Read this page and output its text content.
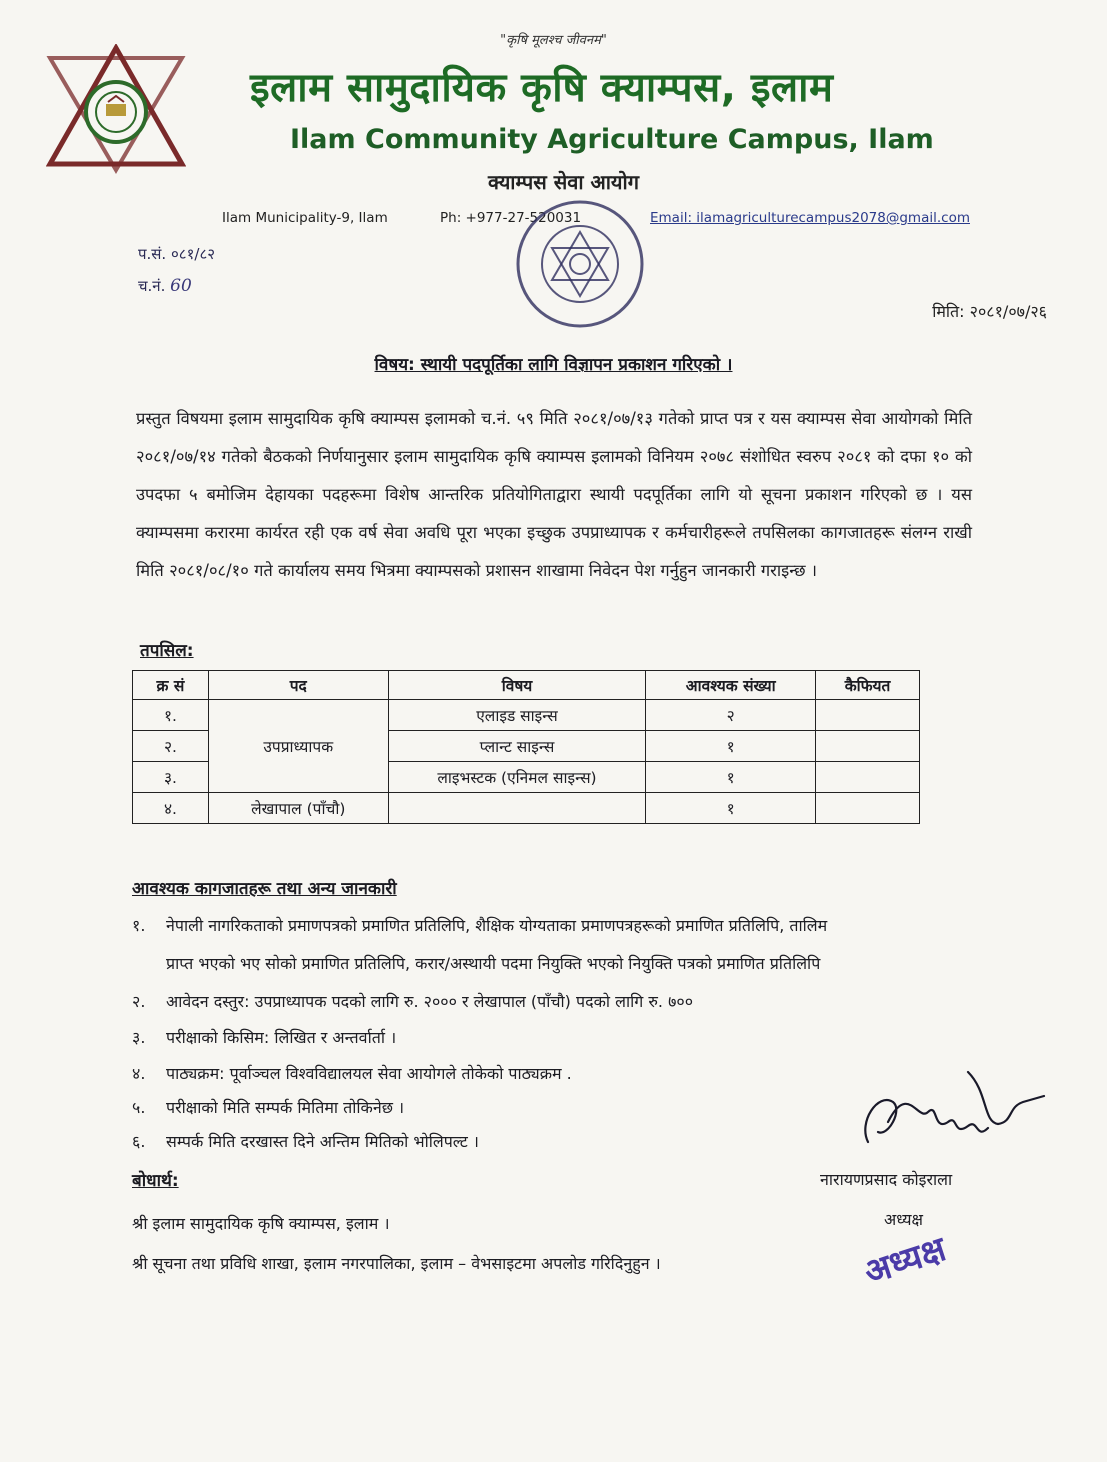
"कृषि मूलश्च जीवनम"
इलाम सामुदायिक कृषि क्याम्पस, इलाम
Ilam Community Agriculture Campus, Ilam
क्याम्पस सेवा आयोग
Ilam Municipality-9, Ilam	Ph: +977-27-520031	Email: ilamagriculturecampus2078@gmail.com
प.सं. ०८१/८२
च.नं. 60
मिति: २०८१/०७/२६
विषय: स्थायी पदपूर्तिका लागि विज्ञापन प्रकाशन गरिएको ।
प्रस्तुत विषयमा इलाम सामुदायिक कृषि क्याम्पस इलामको च.नं. ५९ मिति २०८१/०७/१३ गतेको प्राप्त पत्र र यस क्याम्पस सेवा आयोगको मिति २०८१/०७/१४ गतेको बैठकको निर्णयानुसार इलाम सामुदायिक कृषि क्याम्पस इलामको विनियम २०७८ संशोधित स्वरुप २०८१ को दफा १० को उपदफा ५ बमोजिम देहायका पदहरूमा विशेष आन्तरिक प्रतियोगिताद्वारा स्थायी पदपूर्तिका लागि यो सूचना प्रकाशन गरिएको छ । यस क्याम्पसमा करारमा कार्यरत रही एक वर्ष सेवा अवधि पूरा भएका इच्छुक उपप्राध्यापक र कर्मचारीहरूले तपसिलका कागजातहरू संलग्न राखी मिति २०८१/०८/१० गते कार्यालय समय भित्रमा क्याम्पसको प्रशासन शाखामा निवेदन पेश गर्नुहुन जानकारी गराइन्छ ।
तपसिल:
क्र सं	पद	विषय	आवश्यक संख्या	कैफियत
१.	उपप्राध्यापक	एलाइड साइन्स	२	
२.		प्लान्ट साइन्स	१	
३.		लाइभस्टक (एनिमल साइन्स)	१	
४.	लेखापाल (पाँचौ)		१	
आवश्यक कागजातहरू तथा अन्य जानकारी
१.	नेपाली नागरिकताको प्रमाणपत्रको प्रमाणित प्रतिलिपि, शैक्षिक योग्यताका प्रमाणपत्रहरूको प्रमाणित प्रतिलिपि, तालिम
प्राप्त भएको भए सोको प्रमाणित प्रतिलिपि, करार/अस्थायी पदमा नियुक्ति भएको नियुक्ति पत्रको प्रमाणित प्रतिलिपि
२.	आवेदन दस्तुर: उपप्राध्यापक पदको लागि रु. २००० र लेखापाल (पाँचौ) पदको लागि रु. ७००
३.	परीक्षाको किसिम: लिखित र अन्तर्वार्ता ।
४.	पाठ्यक्रम: पूर्वाञ्चल विश्वविद्यालयल सेवा आयोगले तोकेको पाठ्यक्रम .
५.	परीक्षाको मिति सम्पर्क मितिमा तोकिनेछ ।
६.	सम्पर्क मिति दरखास्त दिने अन्तिम मितिको भोलिपल्ट ।
नारायणप्रसाद कोइराला
अध्यक्ष
बोधार्थ:
श्री इलाम सामुदायिक कृषि क्याम्पस, इलाम ।
श्री सूचना तथा प्रविधि शाखा, इलाम नगरपालिका, इलाम – वेभसाइटमा अपलोड गरिदिनुहुन ।	अध्यक्ष
